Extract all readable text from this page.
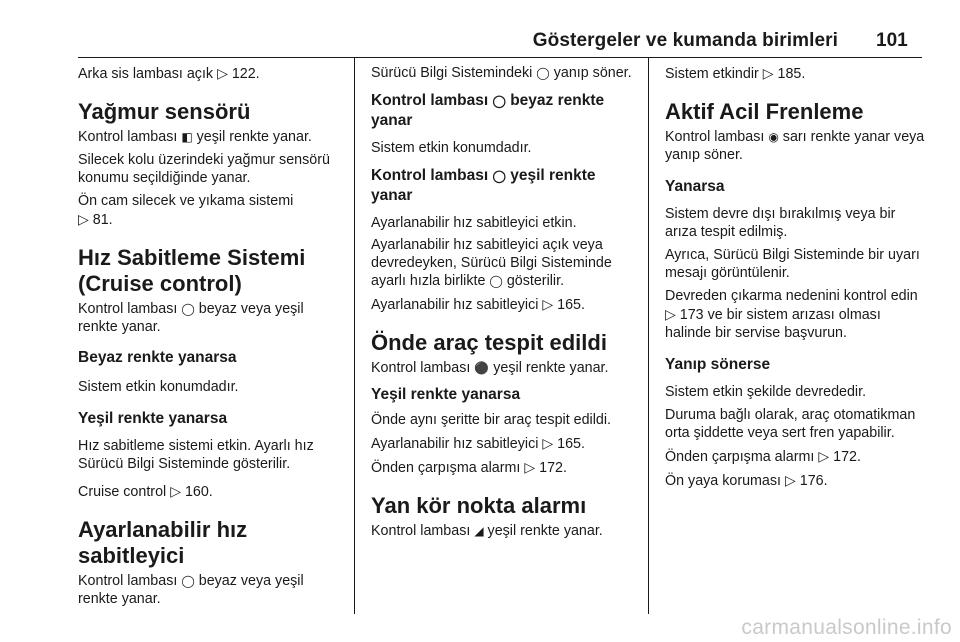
Göstergeler ve kumanda birimleri 101

Arka sis lambası açık ▷ 122.

Yağmur sensörü

Kontrol lambası ◧ yeşil renkte yanar.

Silecek kolu üzerindeki yağmur sensörü konumu seçildiğinde yanar.

Ön cam silecek ve yıkama sistemi
▷ 81.

Hız Sabitleme Sistemi (Cruise control)

Kontrol lambası ◯ beyaz veya yeşil renkte yanar.

Beyaz renkte yanarsa

Sistem etkin konumdadır.

Yeşil renkte yanarsa

Hız sabitleme sistemi etkin. Ayarlı hız Sürücü Bilgi Sisteminde gösterilir.

Cruise control ▷ 160.

Ayarlanabilir hız sabitleyici

Kontrol lambası ◯ beyaz veya yeşil renkte yanar.

Sürücü Bilgi Sistemindeki ◯ yanıp söner.

Kontrol lambası ◯ beyaz renkte yanar

Sistem etkin konumdadır.

Kontrol lambası ◯ yeşil renkte yanar

Ayarlanabilir hız sabitleyici etkin.

Ayarlanabilir hız sabitleyici açık veya devredeyken, Sürücü Bilgi Sisteminde ayarlı hızla birlikte ◯ gösterilir.

Ayarlanabilir hız sabitleyici ▷ 165.

Önde araç tespit edildi

Kontrol lambası ⚫ yeşil renkte yanar.

Yeşil renkte yanarsa

Önde aynı şeritte bir araç tespit edildi.

Ayarlanabilir hız sabitleyici ▷ 165.

Önden çarpışma alarmı ▷ 172.

Yan kör nokta alarmı

Kontrol lambası ◢ yeşil renkte yanar.

Sistem etkindir ▷ 185.

Aktif Acil Frenleme

Kontrol lambası ◉ sarı renkte yanar veya yanıp söner.

Yanarsa

Sistem devre dışı bırakılmış veya bir arıza tespit edilmiş.

Ayrıca, Sürücü Bilgi Sisteminde bir uyarı mesajı görüntülenir.

Devreden çıkarma nedenini kontrol edin ▷ 173 ve bir sistem arızası olması halinde bir servise başvurun.

Yanıp sönerse

Sistem etkin şekilde devrededir.

Duruma bağlı olarak, araç otomatikman orta şiddette veya sert fren yapabilir.

Önden çarpışma alarmı ▷ 172.

Ön yaya koruması ▷ 176.

carmanualsonline.info
